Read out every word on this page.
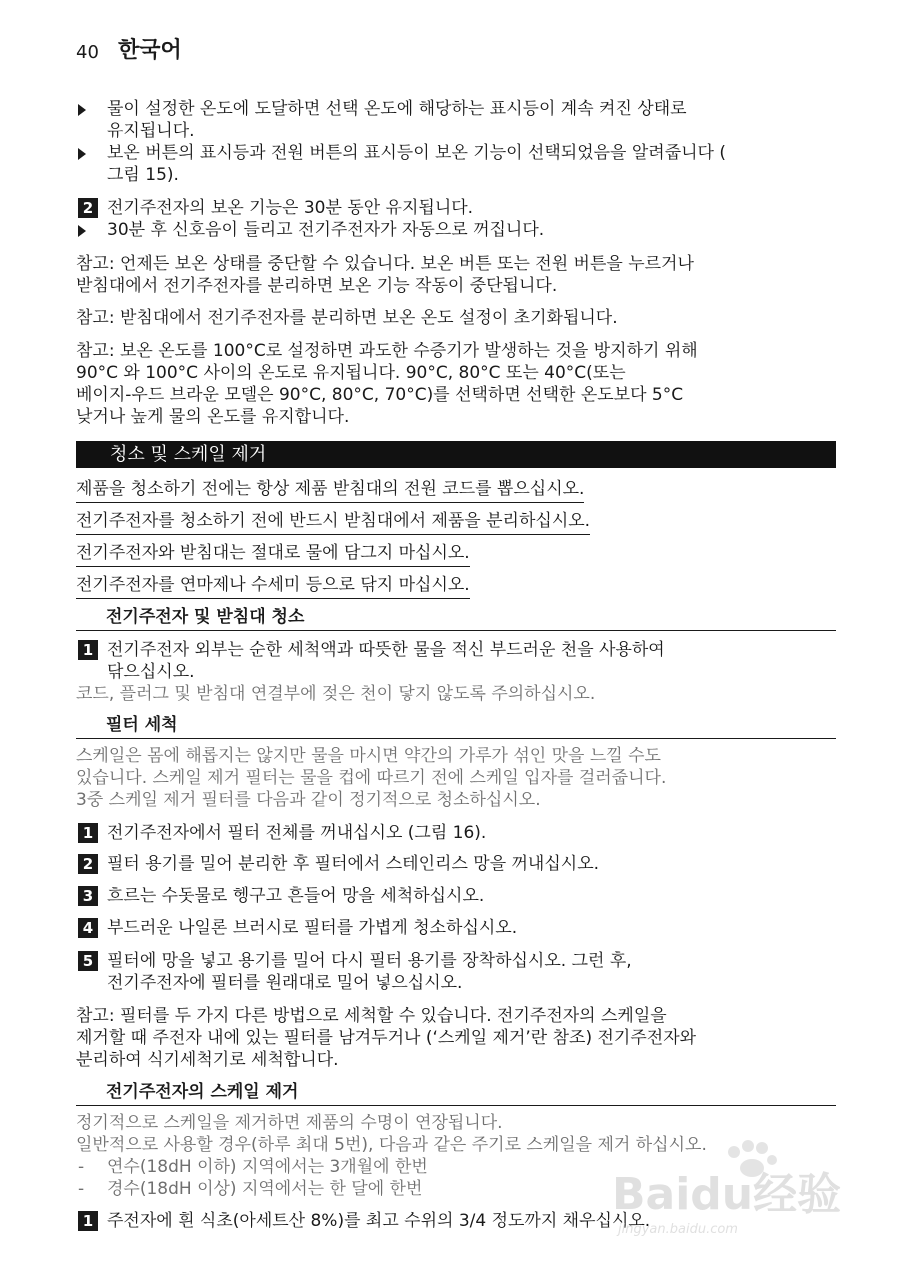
40 한국어
물이 설정한 온도에 도달하면 선택 온도에 해당하는 표시등이 계속 켜진 상태로
유지됩니다.
보온 버튼의 표시등과 전원 버튼의 표시등이 보온 기능이 선택되었음을 알려줍니다 (
그림 15).
2 전기주전자의 보온 기능은 30분 동안 유지됩니다.
30분 후 신호음이 들리고 전기주전자가 자동으로 꺼집니다.
참고: 언제든 보온 상태를 중단할 수 있습니다. 보온 버튼 또는 전원 버튼을 누르거나
받침대에서 전기주전자를 분리하면 보온 기능 작동이 중단됩니다.
참고: 받침대에서 전기주전자를 분리하면 보온 온도 설정이 초기화됩니다.
참고: 보온 온도를 100°C로 설정하면 과도한 수증기가 발생하는 것을 방지하기 위해
90°C 와 100°C 사이의 온도로 유지됩니다. 90°C, 80°C 또는 40°C(또는
베이지-우드 브라운 모델은 90°C, 80°C, 70°C)를 선택하면 선택한 온도보다 5°C
낮거나 높게 물의 온도를 유지합니다.
청소 및 스케일 제거
제품을 청소하기 전에는 항상 제품 받침대의 전원 코드를 뽑으십시오.
전기주전자를 청소하기 전에 반드시 받침대에서 제품을 분리하십시오.
전기주전자와 받침대는 절대로 물에 담그지 마십시오.
전기주전자를 연마제나 수세미 등으로 닦지 마십시오.
전기주전자 및 받침대 청소
1 전기주전자 외부는 순한 세척액과 따뜻한 물을 적신 부드러운 천을 사용하여
닦으십시오.
코드, 플러그 및 받침대 연결부에 젖은 천이 닿지 않도록 주의하십시오.
필터 세척
스케일은 몸에 해롭지는 않지만 물을 마시면 약간의 가루가 섞인 맛을 느낄 수도
있습니다. 스케일 제거 필터는 물을 컵에 따르기 전에 스케일 입자를 걸러줍니다.
3중 스케일 제거 필터를 다음과 같이 정기적으로 청소하십시오.
1 전기주전자에서 필터 전체를 꺼내십시오 (그림 16).
2 필터 용기를 밀어 분리한 후 필터에서 스테인리스 망을 꺼내십시오.
3 흐르는 수돗물로 헹구고 흔들어 망을 세척하십시오.
4 부드러운 나일론 브러시로 필터를 가볍게 청소하십시오.
5 필터에 망을 넣고 용기를 밀어 다시 필터 용기를 장착하십시오. 그런 후,
전기주전자에 필터를 원래대로 밀어 넣으십시오.
참고: 필터를 두 가지 다른 방법으로 세척할 수 있습니다. 전기주전자의 스케일을
제거할 때 주전자 내에 있는 필터를 남겨두거나 (‘스케일 제거’란 참조) 전기주전자와
분리하여 식기세척기로 세척합니다.
전기주전자의 스케일 제거
정기적으로 스케일을 제거하면 제품의 수명이 연장됩니다.
일반적으로 사용할 경우(하루 최대 5번), 다음과 같은 주기로 스케일을 제거 하십시오.
- 연수(18dH 이하) 지역에서는 3개월에 한번
- 경수(18dH 이상) 지역에서는 한 달에 한번
1 주전자에 흰 식초(아세트산 8%)를 최고 수위의 3/4 정도까지 채우십시오.
Baidu经验
jingyan.baidu.com
